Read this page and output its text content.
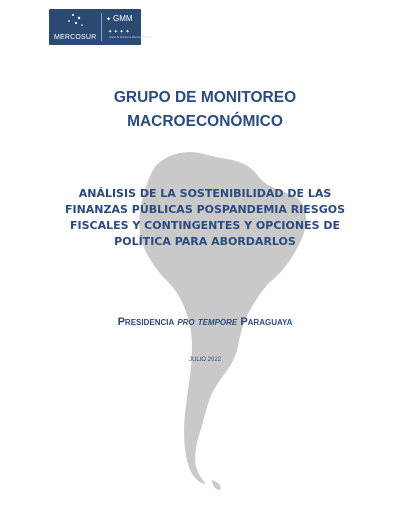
MERCOSUR
✦
✦ ✦ ✦ ✦
GMM
Grupo de Monitoreo Macroeconómico
GRUPO DE MONITOREO
MACROECONÓMICO
ANÁLISIS DE LA SOSTENIBILIDAD DE LAS FINANZAS PÚBLICAS POSPANDEMIA RIESGOS FISCALES Y CONTINGENTES Y OPCIONES DE POLÍTICA PARA ABORDARLOS
Presidencia pro tempore Paraguaya
JULIO 2022
